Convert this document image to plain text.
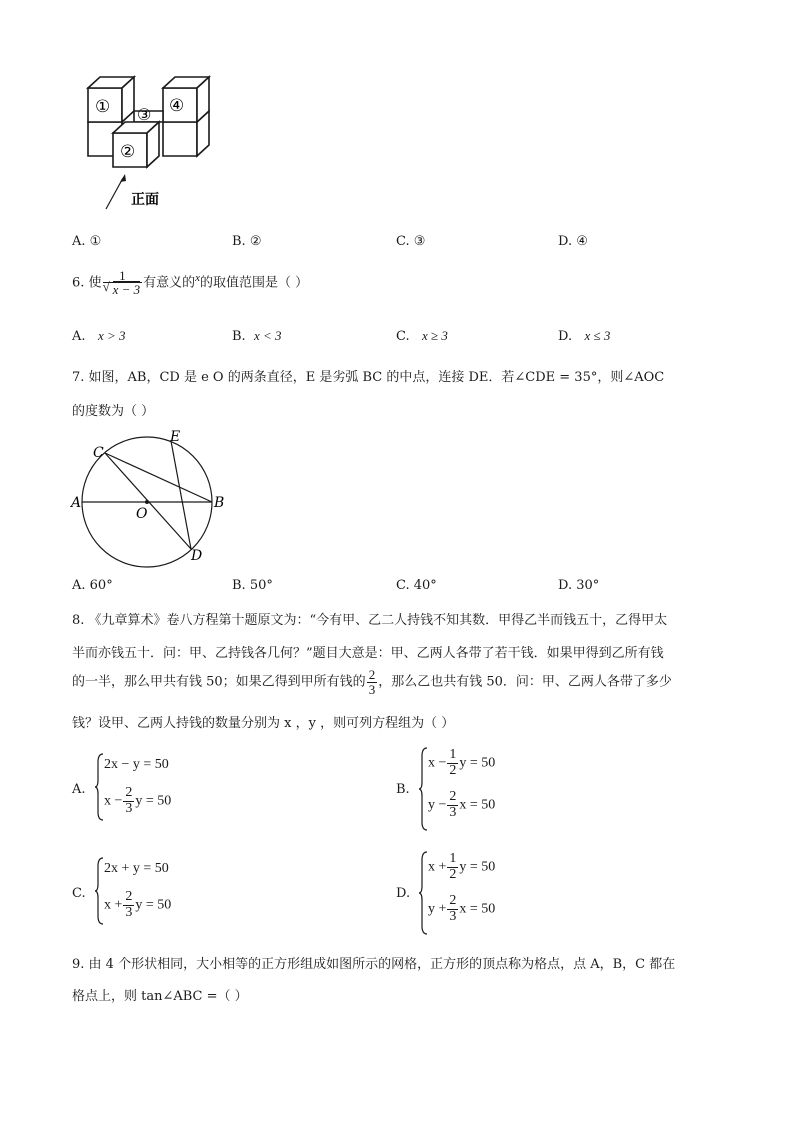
① ③ ④
②
正面
A. ①	B. ②	C. ③	D. ④
6. 使 $\frac{1}{√ x - 3}$ 有意义的$^x$的取值范围是（ ）
A. x > 3	B. x < 3	C. x ≥ 3	D. x ≤ 3
7. 如图，AB，CD 是 e O 的两条直径，E 是劣弧 BC 的中点，连接 DE．若∠CDE = 35°，则∠AOC
的度数为（ ）
A	B
C
D
E
O
A. 60°	B. 50°	C. 40°	D. 30°
8. 《九章算术》卷八方程第十题原文为：“今有甲、乙二人持钱不知其数．甲得乙半而钱五十，乙得甲太
半而亦钱五十．问：甲、乙持钱各几何？”题目大意是：甲、乙两人各带了若干钱．如果甲得到乙所有钱
的一半，那么甲共有钱 50；如果乙得到甲所有钱的 $\frac{2}{3}$ ，那么乙也共有钱 50．问：甲、乙两人各带了多少
钱？设甲、乙两人持钱的数量分别为 x ，y ，则可列方程组为（ ）
A.
2x − y = 50
$x - \frac{2}{3}$ y = 50
B.
$x - \frac{1}{2}$ y = 50
$y - \frac{2}{3}$ x = 50
C.
2x + y = 50
$x + \frac{2}{3}$ y = 50
D.
$x + \frac{1}{2}$ y = 50
$y + \frac{2}{3}$ x = 50
9. 由 4 个形状相同，大小相等的正方形组成如图所示的网格，正方形的顶点称为格点，点 A，B，C 都在
格点上，则 tan∠ABC =（ ）
